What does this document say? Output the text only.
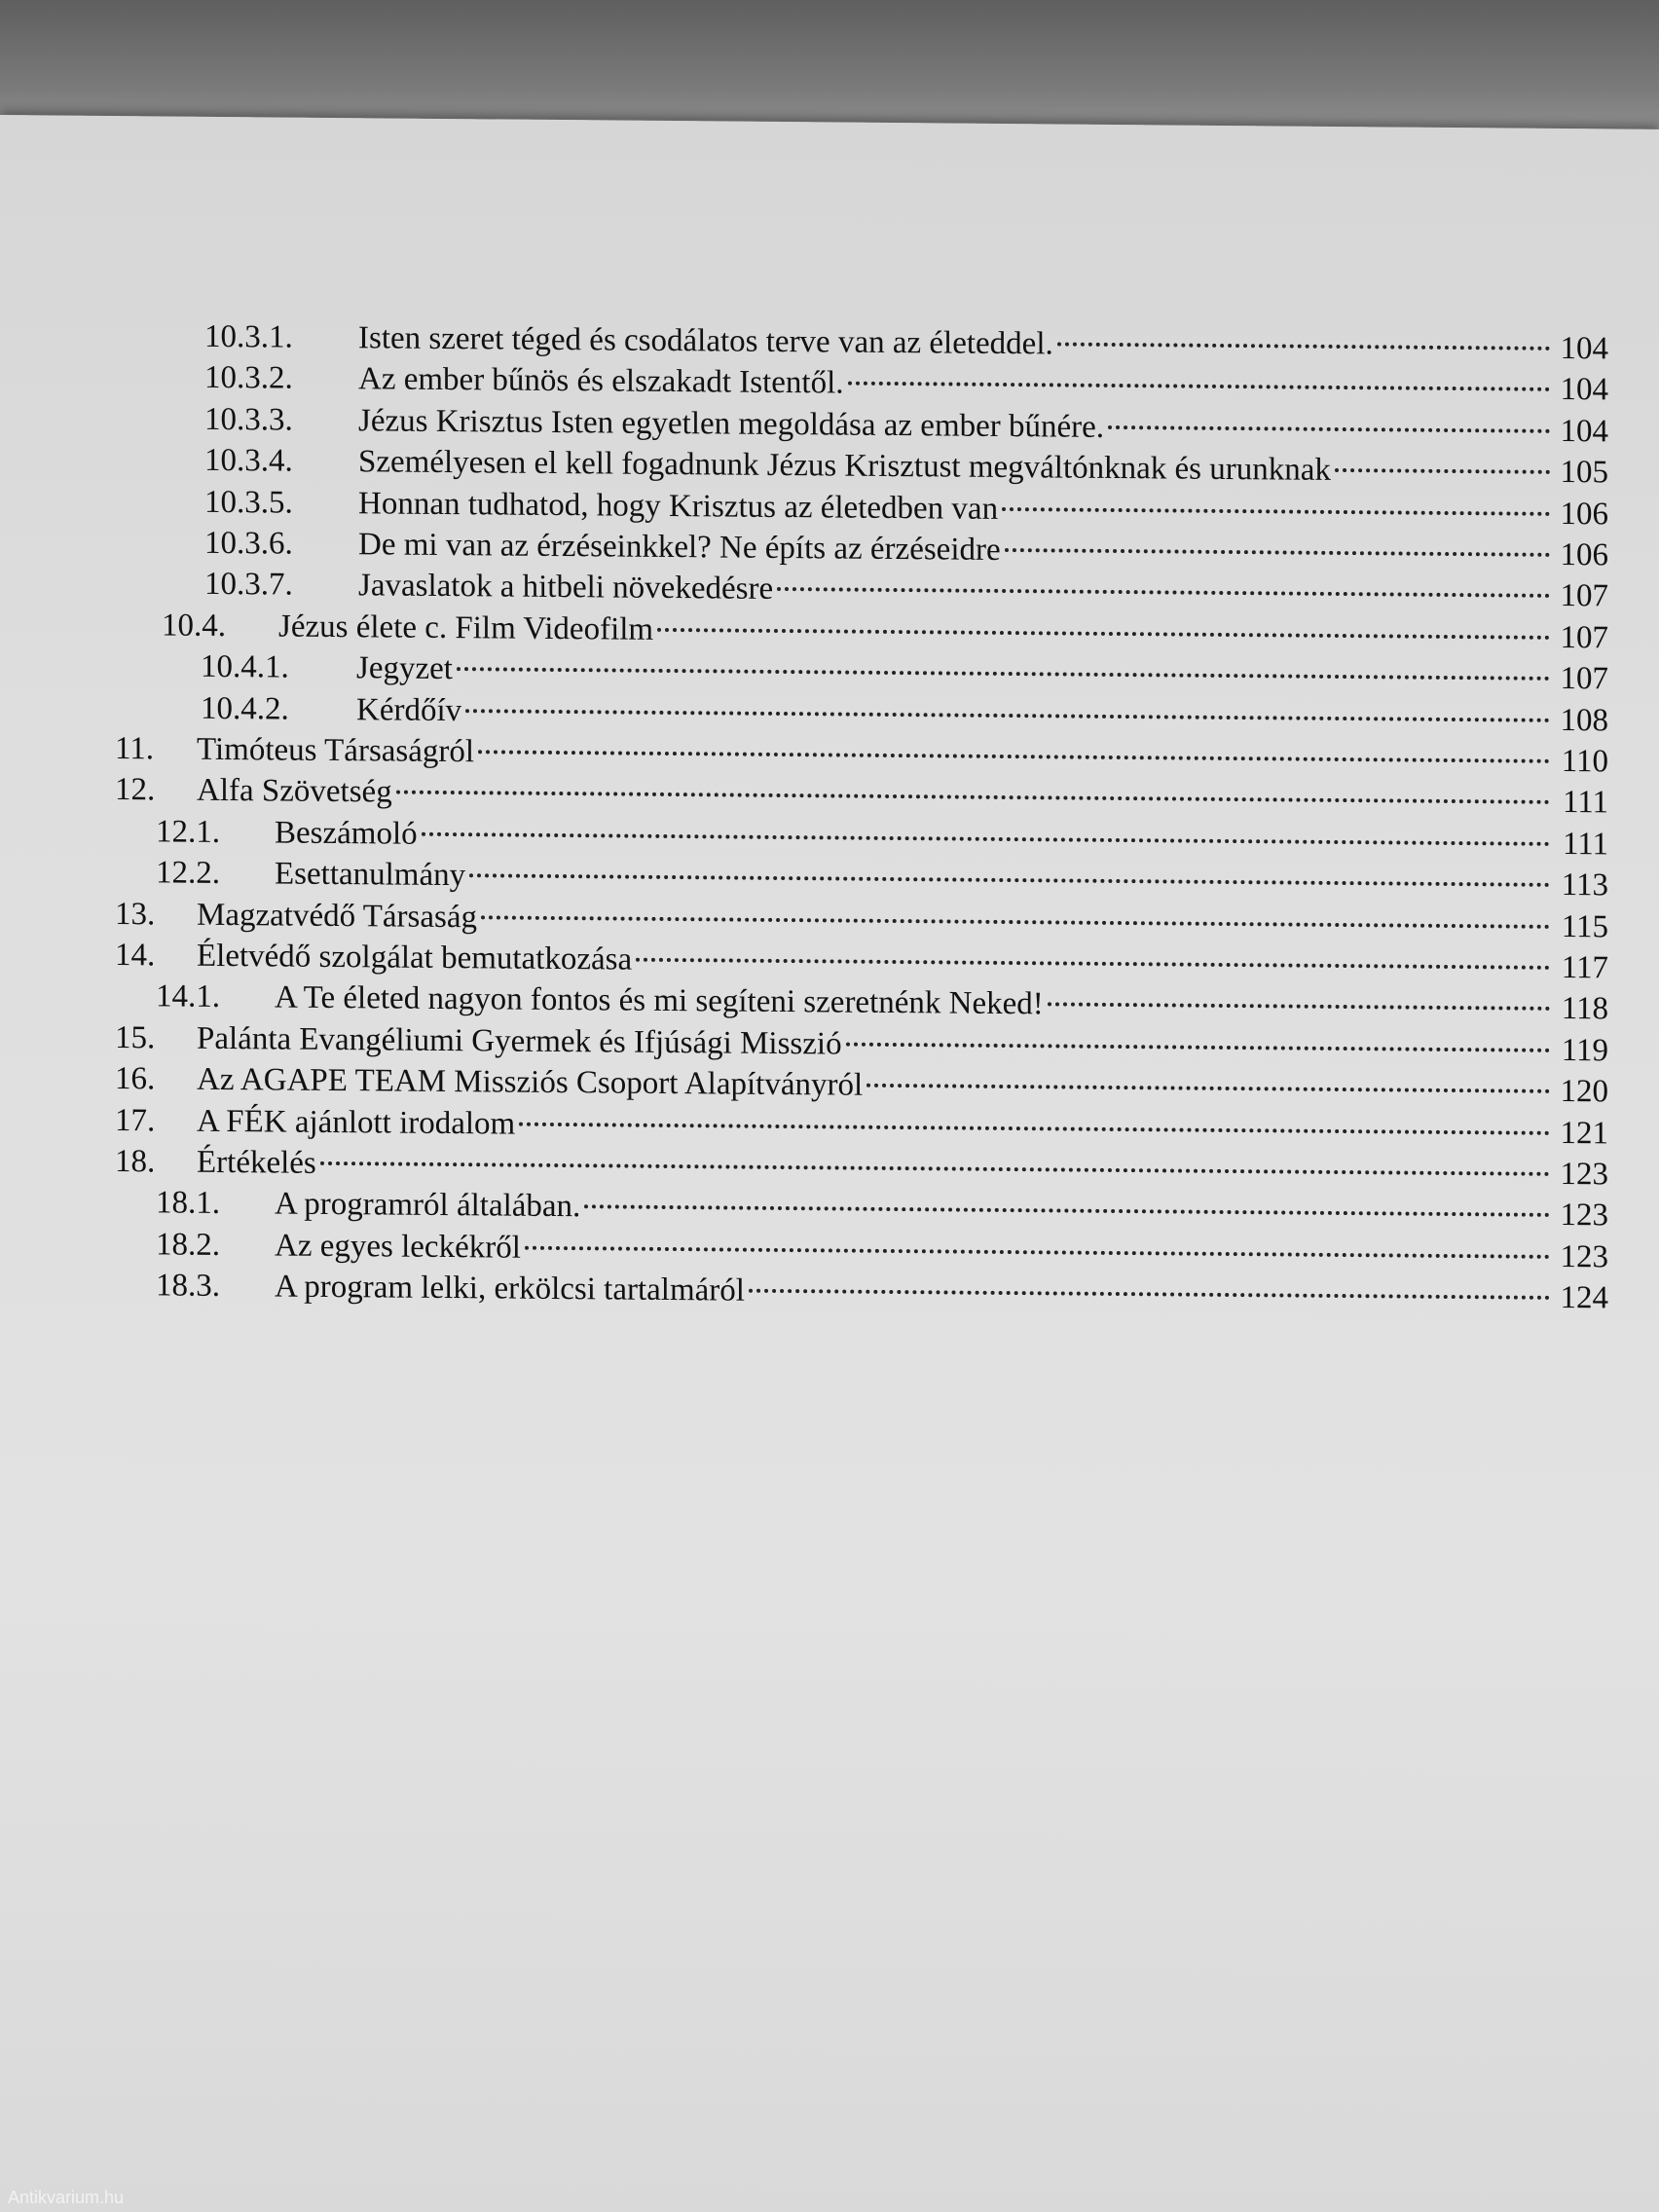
10.3.1.	Isten szeret téged és csodálatos terve van az életeddel.	104
10.3.2.	Az ember bűnös és elszakadt Istentől.	104
10.3.3.	Jézus Krisztus Isten egyetlen megoldása az ember bűnére.	104
10.3.4.	Személyesen el kell fogadnunk Jézus Krisztust megváltónknak és urunknak	105
10.3.5.	Honnan tudhatod, hogy Krisztus az életedben van	106
10.3.6.	De mi van az érzéseinkkel? Ne építs az érzéseidre	106
10.3.7.	Javaslatok a hitbeli növekedésre	107
10.4.	Jézus élete c. Film Videofilm	107
10.4.1.	Jegyzet	107
10.4.2.	Kérdőív	108
11.	Timóteus Társaságról	110
12.	Alfa Szövetség	111
12.1.	Beszámoló	111
12.2.	Esettanulmány	113
13.	Magzatvédő Társaság	115
14.	Életvédő szolgálat bemutatkozása	117
14.1.	A Te életed nagyon fontos és mi segíteni szeretnénk Neked!	118
15.	Palánta Evangéliumi Gyermek és Ifjúsági Misszió	119
16.	Az AGAPE TEAM Missziós Csoport Alapítványról	120
17.	A FÉK ajánlott irodalom	121
18.	Értékelés	123
18.1.	A programról általában.	123
18.2.	Az egyes leckékről	123
18.3.	A program lelki, erkölcsi tartalmáról	124
Antikvarium.hu
